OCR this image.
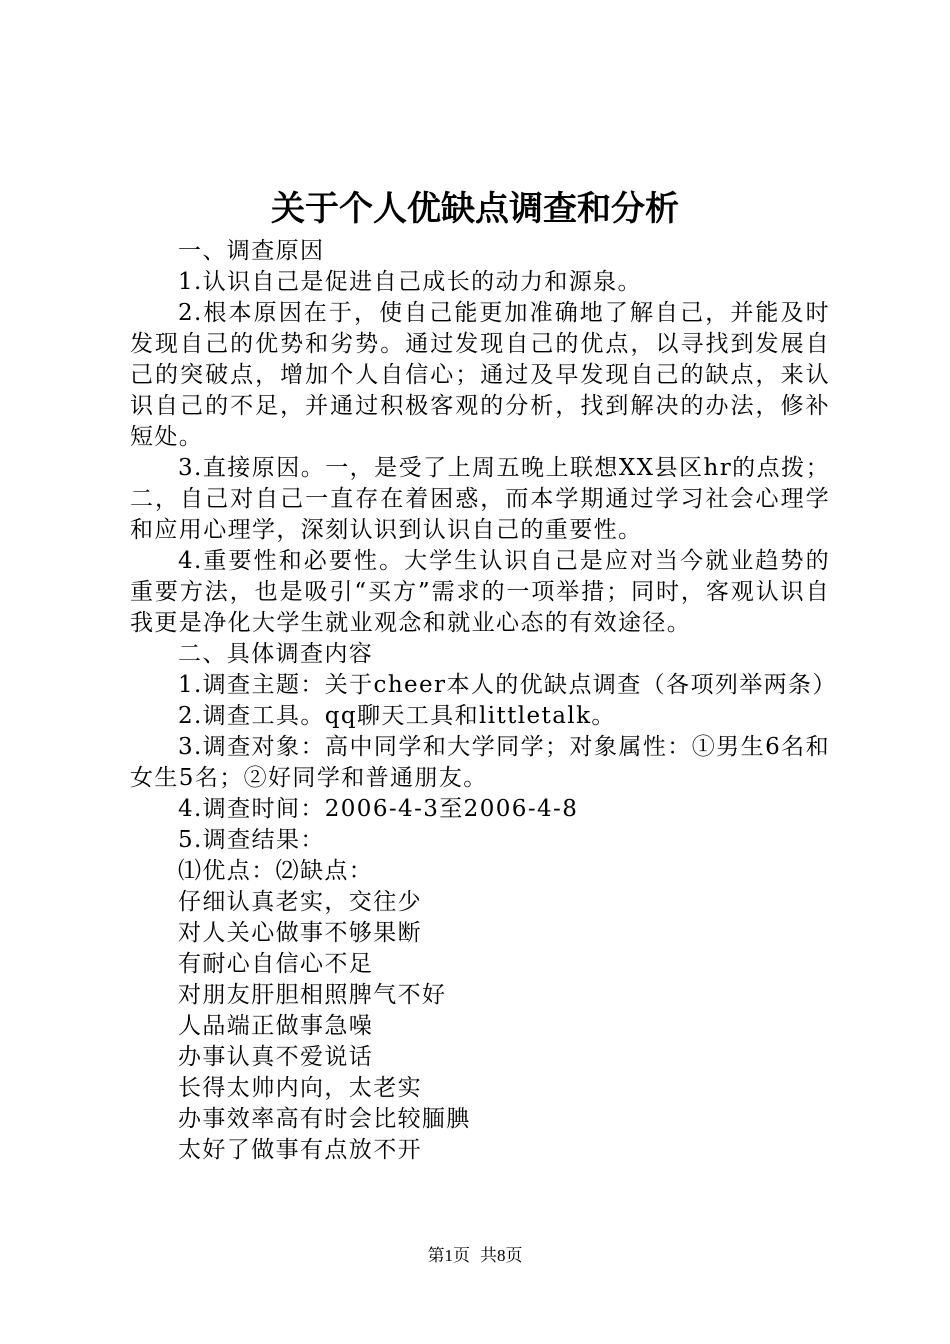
关于个人优缺点调查和分析

一、调查原因

1.认识自己是促进自己成长的动力和源泉。

2.根本原因在于，使自己能更加准确地了解自己，并能及时发现自己的优势和劣势。通过发现自己的优点，以寻找到发展自己的突破点，增加个人自信心；通过及早发现自己的缺点，来认识自己的不足，并通过积极客观的分析，找到解决的办法，修补短处。

3.直接原因。一，是受了上周五晚上联想XX县区hr的点拨；二，自己对自己一直存在着困惑，而本学期通过学习社会心理学和应用心理学，深刻认识到认识自己的重要性。

4.重要性和必要性。大学生认识自己是应对当今就业趋势的重要方法，也是吸引“买方”需求的一项举措；同时，客观认识自我更是净化大学生就业观念和就业心态的有效途径。

二、具体调查内容

1.调查主题：关于cheer本人的优缺点调查（各项列举两条）

2.调查工具。qq聊天工具和littletalk。

3.调查对象：高中同学和大学同学；对象属性：①男生6名和女生5名；②好同学和普通朋友。

4.调查时间：2006-4-3至2006-4-8

5.调查结果：

⑴优点：⑵缺点：

仔细认真老实，交往少

对人关心做事不够果断

有耐心自信心不足

对朋友肝胆相照脾气不好

人品端正做事急噪

办事认真不爱说话

长得太帅内向，太老实

办事效率高有时会比较腼腆

太好了做事有点放不开

第1页 共8页
